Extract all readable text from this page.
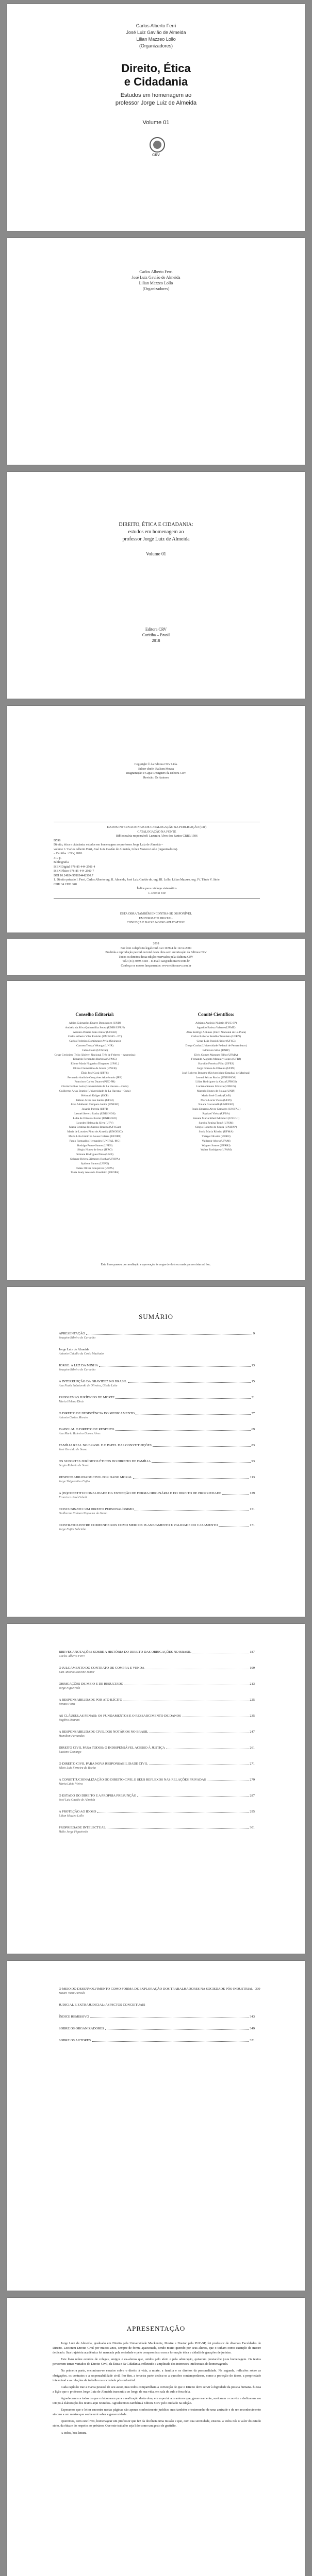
Carlos Alberto Ferri
José Luiz Gavião de Almeida
Lilian Mazzeo Lollo
(Organizadores)
Direito, Ética
e Cidadania
Estudos em homenagem ao
professor Jorge Luiz de Almeida
Volume 01
CRV
Carlos Alberto Ferri
José Luiz Gavião de Almeida
Lilian Mazzeo Lollo
(Organizadores)
DIREITO, ÉTICA E CIDADANIA:
estudos em homenagem ao
professor Jorge Luiz de Almeida
Volume 01
Editora CRV
Curitiba – Brasil
2018
Copyright © da Editora CRV Ltda.
Editor-chefe: Railson Moura
Diagramação e Capa: Designers da Editora CRV
Revisão: Os Autores
DADOS INTERNACIONAIS DE CATALOGAÇÃO NA PUBLICAÇÃO (CIP)
CATALOGAÇÃO NA FONTE
Bibliotecária responsável: Luzenira Alves dos Santos CRB9/1506
D598
Direito, ética e cidadania: estudos em homenagem ao professor Jorge Luiz de Almeida –
volume I / Carlos Alberto Ferri, José Luiz Gavião de Almeida, Lilian Mazzeo Lollo (organizadores).
– Curitiba : CRV, 2018.
310 p.
Bibliografia
ISBN Digital 978-85-444-2501-4
ISBN Físico 978-85-444-2500-7
DOI 10.24824/978854442500.7
1. Direito privado I. Ferri, Carlos Alberto org. II. Almeida, José Luiz Gavião de. org. III. Lollo, Lilian Mazzeo. org. IV. Título V. Série.
CDU 34 CDD 340
Índice para catálogo sistemático
1. Direito 340
ESTA OBRA TAMBÉM ENCONTRA-SE DISPONÍVEL
EM FORMATO DIGITAL.
CONHEÇA E BAIXE NOSSO APLICATIVO!
2018
Foi feito o depósito legal conf. Lei 10.994 de 14/12/2004
Proibida a reprodução parcial ou total desta obra sem autorização da Editora CRV
Todos os direitos desta edição reservados pela: Editora CRV
Tel.: (41) 3039-6418 – E-mail: sac@editoracrv.com.br
Conheça os nossos lançamentos: www.editoracrv.com.br
Conselho Editorial:
Aldira Guimarães Duarte Domínguez (UNB)
Andréia da Silva Quintanilha Sousa (UNIR/UFRN)
Antônio Pereira Gaio Júnior (UFRRJ)
Carlos Alberto Vilar Estêvão (UMINHO – PT)
Carlos Federico Dominguez Avila (Unieuro)
Carmen Tereza Velanga (UNIR)
Celso Conti (UFSCar)
Cesar Gerónimo Tello (Univer. Nacional Três de Febrero – Argentina)
Eduardo Fernandes Barbosa (UFMG)
Elione Maria Nogueira Diogenes (UFAL)
Elizeu Clementino de Souza (UNEB)
Élsio José Corá (UFFS)
Fernando Antônio Gonçalves Alcoforado (IPB)
Francisco Carlos Duarte (PUC-PR)
Gloria Fariñas León (Universidade de La Havana – Cuba)
Guillermo Arias Beatón (Universidade de La Havana – Cuba)
Helmuth Krüger (UCP)
Jailson Alves dos Santos (UFRJ)
João Adalberto Campato Junior (UNESP)
Josania Portela (UFPI)
Leonel Severo Rocha (UNISINOS)
Lídia de Oliveira Xavier (UNIEURO)
Lourdes Helena da Silva (UFV)
Maria Cristina dos Santos Bezerra (UFSCar)
Maria de Lourdes Pinto de Almeida (UNOESC)
Maria Lília Imbiriba Sousa Colares (UFOPA)
Paulo Romualdo Hernandes (UNIFAL-MG)
Rodrigo Pratte-Santos (UFES)
Sérgio Nunes de Jesus (IFRO)
Simone Rodrigues Pinto (UNB)
Solange Helena Ximenes-Rocha (UFOPA)
Sydione Santos (UEPG)
Tadeu Oliver Gonçalves (UFPA)
Tania Suely Azevedo Brasileiro (UFOPA)
Comitê Científico:
Adriano Antônio Nuintin (PUC-SP)
Agnaldo Batista Valente (UFMT)
Alan Rodrigo Antunes (Univ. Nacional de La Plata)
Carlos Roberto Botelho Trombeta (UFRN)
Cesar Luiz Pasold Júnior (UFSC)
Diogo Cunha (Universidade Federal de Pernambuco)
Edmilson Silva (UNIP)
Elvis Gomes Marques Filho (UFMA)
Fernando Augusto Montai y Lopes (UFRJ)
Haroldo Ferreira Filho (UFES)
Jorge Gomes de Oliveira (UFPE)
José Roberto Bonome (Universidade Estadual de Maringá)
Leonel Seixas Rocha (UNISINOS)
Lilian Rodrigues da Cruz (UFRGS)
Luciana Santos Silveira (UFRGS)
Marcelo Nunes de Souza (UNIP)
Maria José Corrêa (UnB)
Maria Lúcia Vieira (UFPI)
Naiara Giacomelli (UNIFESP)
Paulo Eduardo Alves Camargo (UNIFAL)
Raphael Vieira (UFBA)
Rosane Maria Sibert Mitidieri (UNIJUI)
Sandra Regina Tomé (UFSM)
Sérgio Roberto de Souza (UNIFAP)
Sonia Maria Ribeiro (UFMA)
Thiago Oliveira (UFRN)
Valdemir Alves (UFAM)
Wagner Soares (UFRRJ)
Walter Rodrigues (UFAM)
Este livro passou por avaliação e aprovação às cegas de dois ou mais pareceristas ad hoc.
SUMÁRIO
APRESENTAÇÃO	9
Joaquim Ribeiro de Carvalho
Jorge Luiz de Almeida
Antonio Cláudio da Costa Machado
JORGE: A LUZ DA MINHA	13
Joaquim Ribeiro de Carvalho
A INTERRUPÇÃO DA GRAVIDEZ NO BRASIL	15
Ana Paula Sabatovski de Oliveira, Gisele Leite
PROBLEMAS JURÍDICOS DE MORTE	31
Maria Helena Diniz
O DIREITO DE DESISTÊNCIA DO MEDICAMENTO	57
Antonio Carlos Morato
ISABEL M. O DIREITO DE RESPEITO	69
Ana Maria Baleeiro Gomes Alves
FAMÍLIA REAL NO BRASIL E O PAPEL DAS CONSTITUIÇÕES	83
José Geraldo de Sousa
OS SUPORTES JURÍDICOS ÉTICOS DO DIREITO DE FAMÍLIA	93
Sergio Roberto de Souza
RESPONSABILIDADE CIVIL POR DANO MORAL	113
Jorge Shiguemitsu Fujita
A (IN)CONSTITUCIONALIDADE DA EXTINÇÃO DE FORMA ORIGINÁRIA E DO DIREITO DE PROPRIEDADE	129
Francisco José Cahali
CONCUBINATO: UM DIREITO PERSONALÍSSIMO	151
Guilherme Calmon Nogueira da Gama
CONTRATOS ENTRE COMPANHEIROS COMO MEIO DE PLANEJAMENTO E VALIDADE DO CASAMENTO	171
Jorge Fujita Sobrinho
BREVES ANOTAÇÕES SOBRE A HISTÓRIA DO DIREITO DAS OBRIGAÇÕES NO BRASIL	187
Carlos Alberto Ferri
O JULGAMENTO DO CONTRATO DE COMPRA E VENDA	199
Luiz Antonio Scavone Junior
OBRIGAÇÕES DE MEIO E DE RESULTADO	213
Jorge Figueiredo
A RESPONSABILIDADE POR ATO ILÍCITO	225
Renato Pozzi
AS CLÁUSULAS PENAIS: OS FUNDAMENTOS E O RESSARCIMENTO DE DANOS	235
Rogério Donnini
A RESPONSABILIDADE CIVIL DOS NOTÁRIOS NO BRASIL	247
Hamilton Fernandes
DIREITO CIVIL PARA TODOS: O INDISPENSÁVEL ACESSO À JUSTIÇA	261
Luciano Camargo
O DIREITO CIVIL PARA NOVA RESPONSABILIDADE CIVIL	271
Silvio Luís Ferreira da Rocha
A CONSTITUCIONALIZAÇÃO DO DIREITO CIVIL E SEUS REFLEXOS NAS RELAÇÕES PRIVADAS	279
Maria Lúcia Vieira
O ESTADO DO DIREITO E A PROPRIA PRESUNÇÃO	287
José Luiz Gavião de Almeida
A PROTEÇÃO AO IDOSO	295
Lilian Mazzeo Lollo
PROPRIEDADE INTELECTUAL	301
Hélio Jorge Figueiredo
O MEIO DO DESENVOLVIMENTO COMO FORMA DE EXPLORAÇÃO DOS TRABALHADORES NA SOCIEDADE PÓS-INDUSTRIAL 309
Mauro Vasni Paroski
JUDICIAL E EXTRAJUDICIAL: ASPECTOS CONCEITUAIS
ÍNDICE REMISSIVO	343
SOBRE OS ORGANIZADORES	349
SOBRE OS AUTORES	351
APRESENTAÇÃO

Jorge Luiz de Almeida, graduado em Direito pela Universidade Mackenzie, Mestre e Doutor pela PUC-SP, foi professor de diversas Faculdades de Direito. Lecionou Direito Civil por muitos anos, sempre de forma apaixonada, sendo muito querido por seus alunos, que o tinham como exemplo de mestre dedicado. Sua trajetória acadêmica foi marcada pela seriedade e pelo compromisso com a formação ética e cidadã de gerações de juristas.

Este livro reúne estudos de colegas, amigos e ex-alunos que, unidos pelo afeto e pela admiração, quiseram prestar-lhe justa homenagem. Os textos percorrem temas variados do Direito Civil, da Ética e da Cidadania, refletindo a amplitude dos interesses intelectuais do homenageado.

Na primeira parte, encontram-se ensaios sobre o direito à vida, a morte, a família e os direitos da personalidade. Na segunda, reflexões sobre as obrigações, os contratos e a responsabilidade civil. Por fim, a terceira parte dedica-se a questões contemporâneas, como a proteção do idoso, a propriedade intelectual e as relações de trabalho na sociedade pós-industrial.

Cada capítulo traz a marca pessoal de seu autor, mas todos compartilham a convicção de que o Direito deve servir à dignidade da pessoa humana. É essa a lição que o professor Jorge Luiz de Almeida transmitiu ao longo de sua vida, em sala de aula e fora dela.

Agradecemos a todos os que colaboraram para a realização desta obra, em especial aos autores que, generosamente, aceitaram o convite e dedicaram seu tempo à elaboração dos textos aqui reunidos. Agradecemos também à Editora CRV pelo cuidado na edição.

Esperamos que o leitor encontre nestas páginas não apenas conhecimento jurídico, mas também o testemunho de uma amizade e de um reconhecimento sincero a um mestre que soube unir saber e generosidade.

Queremos, com este livro, homenagear um professor que fez da docência uma missão e que, com sua serenidade, ensinou a todos nós o valor do estudo sério, da ética e do respeito ao próximo. Que este trabalho seja lido como um gesto de gratidão.

A todos, boa leitura.
